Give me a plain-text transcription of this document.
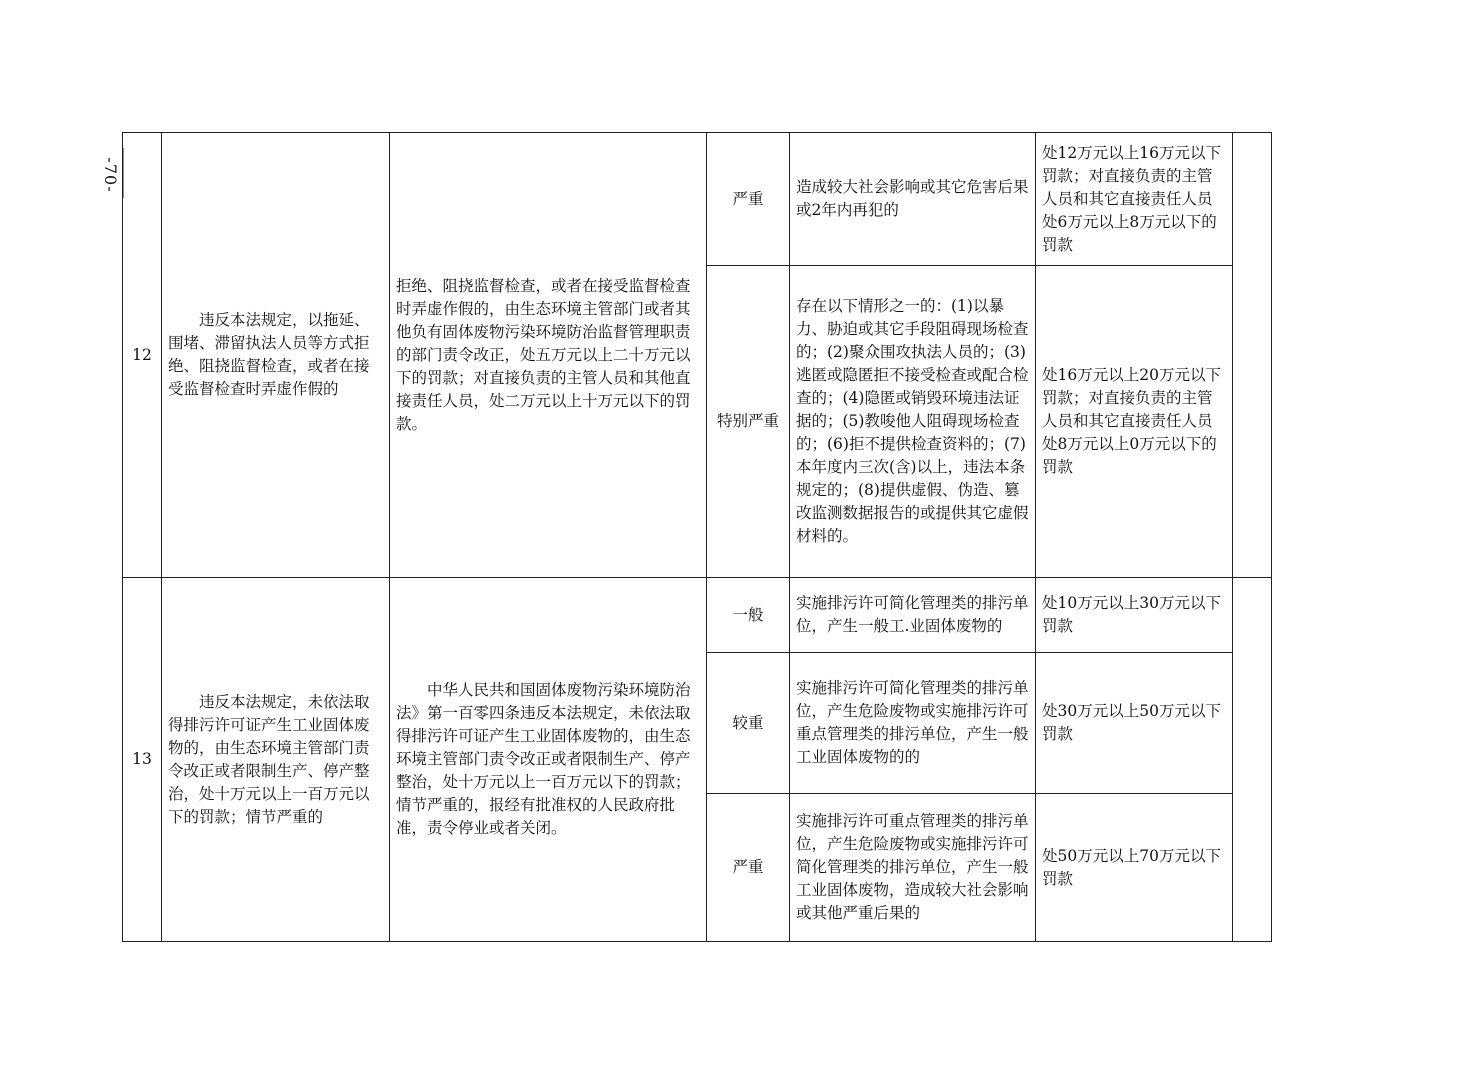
-70-
12	违反本法规定，以拖延、围堵、滞留执法人员等方式拒绝、阻挠监督检查，或者在接受监督检查时弄虚作假的	拒绝、阻挠监督检查，或者在接受监督检查时弄虚作假的，由生态环境主管部门或者其他负有固体废物污染环境防治监督管理职责的部门责令改正，处五万元以上二十万元以下的罚款；对直接负责的主管人员和其他直接责任人员，处二万元以上十万元以下的罚款。	严重	造成较大社会影响或其它危害后果或2年内再犯的	处12万元以上16万元以下罚款；对直接负责的主管人员和其它直接责任人员处6万元以上8万元以下的罚款	
			特别严重	存在以下情形之一的：(1)以暴力、胁迫或其它手段阻碍现场检查的；(2)聚众围攻执法人员的；(3)逃匿或隐匿拒不接受检查或配合检查的；(4)隐匿或销毁环境违法证据的；(5)教唆他人阻碍现场检查的；(6)拒不提供检查资料的；(7)本年度内三次(含)以上，违法本条规定的；(8)提供虚假、伪造、篡改监测数据报告的或提供其它虚假材料的。	处16万元以上20万元以下罚款；对直接负责的主管人员和其它直接责任人员处8万元以上0万元以下的罚款	
13	违反本法规定，未依法取得排污许可证产生工业固体废物的，由生态环境主管部门责令改正或者限制生产、停产整治，处十万元以上一百万元以下的罚款；情节严重的	中华人民共和国固体废物污染环境防治法》第一百零四条违反本法规定，未依法取得排污许可证产生工业固体废物的，由生态环境主管部门责令改正或者限制生产、停产整治，处十万元以上一百万元以下的罚款；情节严重的，报经有批准权的人民政府批准，责令停业或者关闭。	一般	实施排污许可简化管理类的排污单位，产生一般工.业固体废物的	处10万元以上30万元以下罚款	
			较重	实施排污许可简化管理类的排污单位，产生危险废物或实施排污许可重点管理类的排污单位，产生一般工业固体废物的的	处30万元以上50万元以下罚款	
			严重	实施排污许可重点管理类的排污单位，产生危险废物或实施排污许可简化管理类的排污单位，产生一般工业固体废物，造成较大社会影响或其他严重后果的	处50万元以上70万元以下罚款	
